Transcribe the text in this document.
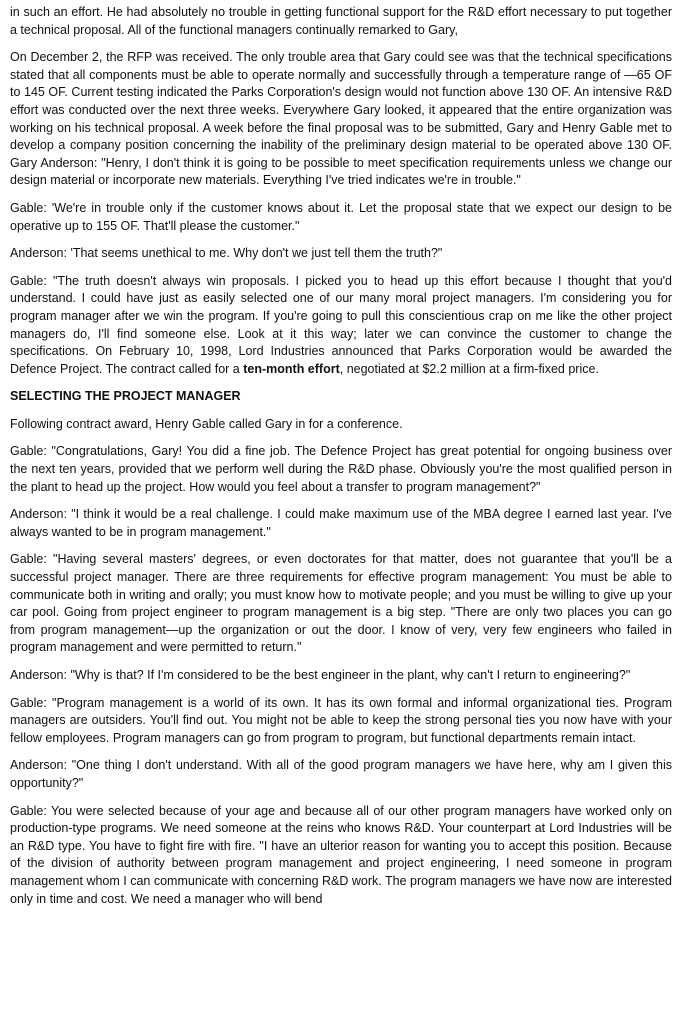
in such an effort. He had absolutely no trouble in getting functional support for the R&D effort necessary to put together a technical proposal. All of the functional managers continually remarked to Gary,

On December 2, the RFP was received. The only trouble area that Gary could see was that the technical specifications stated that all components must be able to operate normally and successfully through a temperature range of —65 OF to 145 OF. Current testing indicated the Parks Corporation's design would not function above 130 OF. An intensive R&D effort was conducted over the next three weeks. Everywhere Gary looked, it appeared that the entire organization was working on his technical proposal. A week before the final proposal was to be submitted, Gary and Henry Gable met to develop a company position concerning the inability of the preliminary design material to be operated above 130 OF. Gary Anderson: "Henry, I don't think it is going to be possible to meet specification requirements unless we change our design material or incorporate new materials. Everything I've tried indicates we're in trouble."

Gable: 'We're in trouble only if the customer knows about it. Let the proposal state that we expect our design to be operative up to 155 OF. That'll please the customer."

Anderson: 'That seems unethical to me. Why don't we just tell them the truth?"

Gable: "The truth doesn't always win proposals. I picked you to head up this effort because I thought that you'd understand. I could have just as easily selected one of our many moral project managers. I'm considering you for program manager after we win the program. If you're going to pull this conscientious crap on me like the other project managers do, I'll find someone else. Look at it this way; later we can convince the customer to change the specifications. On February 10, 1998, Lord Industries announced that Parks Corporation would be awarded the Defence Project. The contract called for a ten-month effort, negotiated at $2.2 million at a firm-fixed price.

SELECTING THE PROJECT MANAGER

Following contract award, Henry Gable called Gary in for a conference.

Gable: "Congratulations, Gary! You did a fine job. The Defence Project has great potential for ongoing business over the next ten years, provided that we perform well during the R&D phase. Obviously you're the most qualified person in the plant to head up the project. How would you feel about a transfer to program management?"

Anderson: "I think it would be a real challenge. I could make maximum use of the MBA degree I earned last year. I've always wanted to be in program management."

Gable: "Having several masters' degrees, or even doctorates for that matter, does not guarantee that you'll be a successful project manager. There are three requirements for effective program management: You must be able to communicate both in writing and orally; you must know how to motivate people; and you must be willing to give up your car pool. Going from project engineer to program management is a big step. "There are only two places you can go from program management—up the organization or out the door. I know of very, very few engineers who failed in program management and were permitted to return."

Anderson: "Why is that? If I'm considered to be the best engineer in the plant, why can't I return to engineering?"

Gable: "Program management is a world of its own. It has its own formal and informal organizational ties. Program managers are outsiders. You'll find out. You might not be able to keep the strong personal ties you now have with your fellow employees. Program managers can go from program to program, but functional departments remain intact.

Anderson: "One thing I don't understand. With all of the good program managers we have here, why am I given this opportunity?"

Gable: You were selected because of your age and because all of our other program managers have worked only on production-type programs. We need someone at the reins who knows R&D. Your counterpart at Lord Industries will be an R&D type. You have to fight fire with fire. "I have an ulterior reason for wanting you to accept this position. Because of the division of authority between program management and project engineering, I need someone in program management whom I can communicate with concerning R&D work. The program managers we have now are interested only in time and cost. We need a manager who will bend
